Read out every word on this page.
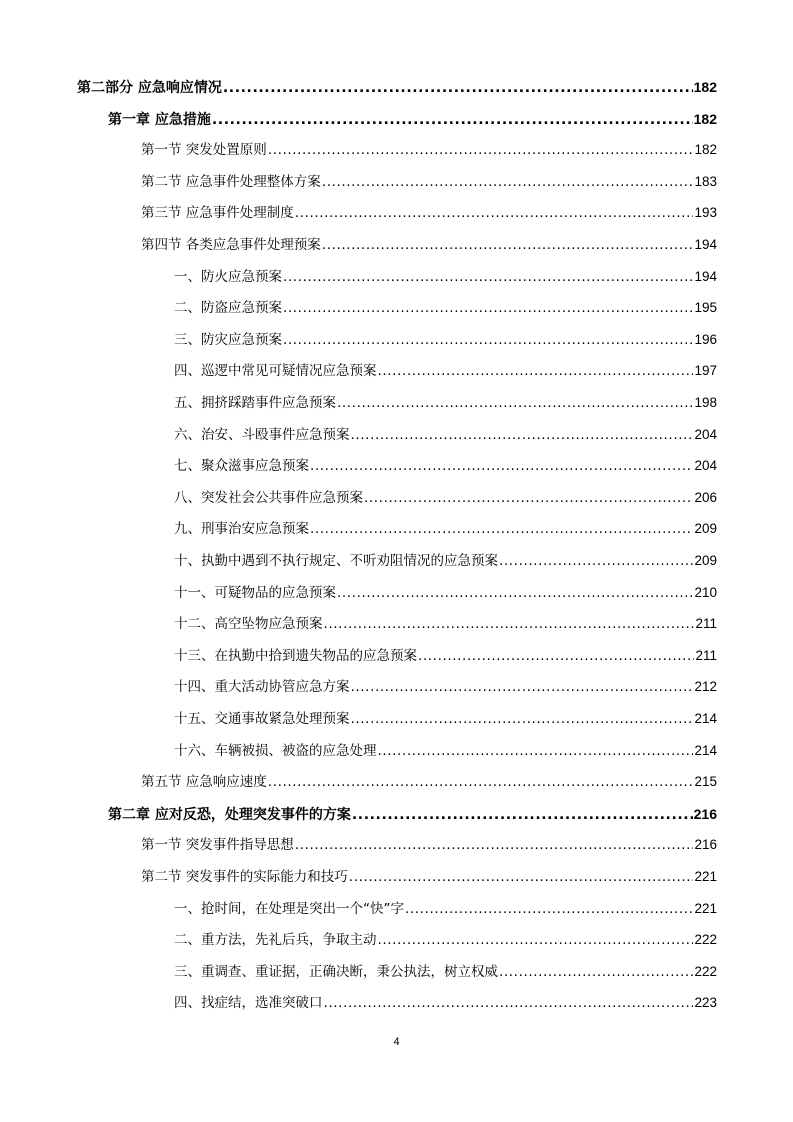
第二部分 应急响应情况 .....	182
第一章 应急措施 .....	182
第一节 突发处置原则 .....	182
第二节 应急事件处理整体方案 .....	183
第三节 应急事件处理制度 .....	193
第四节 各类应急事件处理预案 .....	194
一、防火应急预案 .....	194
二、防盗应急预案 .....	195
三、防灾应急预案 .....	196
四、巡逻中常见可疑情况应急预案 .....	197
五、拥挤踩踏事件应急预案 .....	198
六、治安、斗殴事件应急预案 .....	204
七、聚众滋事应急预案 .....	204
八、突发社会公共事件应急预案 .....	206
九、刑事治安应急预案 .....	209
十、执勤中遇到不执行规定、不听劝阻情况的应急预案 .....	209
十一、可疑物品的应急预案 .....	210
十二、高空坠物应急预案 .....	211
十三、在执勤中拾到遗失物品的应急预案 .....	211
十四、重大活动协管应急方案 .....	212
十五、交通事故紧急处理预案 .....	214
十六、车辆被损、被盗的应急处理 .....	214
第五节 应急响应速度 .....	215
第二章 应对反恐，处理突发事件的方案 .....	216
第一节 突发事件指导思想 .....	216
第二节 突发事件的实际能力和技巧 .....	221
一、抢时间，在处理是突出一个“快”字 .....	221
二、重方法，先礼后兵，争取主动 .....	222
三、重调查、重证据，正确决断，秉公执法，树立权威 .....	222
四、找症结，选准突破口 .....	223
4
